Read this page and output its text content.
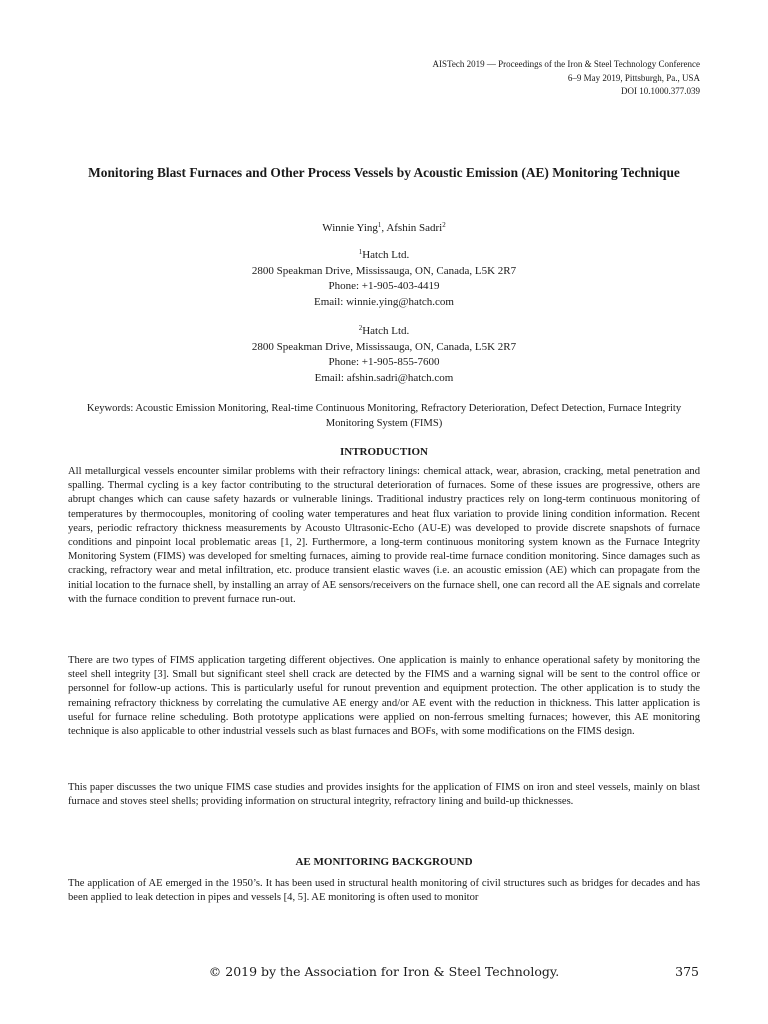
AISTech 2019 — Proceedings of the Iron & Steel Technology Conference
6–9 May 2019, Pittsburgh, Pa., USA
DOI 10.1000.377.039
Monitoring Blast Furnaces and Other Process Vessels by Acoustic Emission (AE) Monitoring Technique
Winnie Ying$^1$, Afshin Sadri$^2$
$^1$Hatch Ltd.
2800 Speakman Drive, Mississauga, ON, Canada, L5K 2R7
Phone: +1-905-403-4419
Email: winnie.ying@hatch.com
$^2$Hatch Ltd.
2800 Speakman Drive, Mississauga, ON, Canada, L5K 2R7
Phone: +1-905-855-7600
Email: afshin.sadri@hatch.com
Keywords: Acoustic Emission Monitoring, Real-time Continuous Monitoring, Refractory Deterioration, Defect Detection, Furnace Integrity Monitoring System (FIMS)
INTRODUCTION

All metallurgical vessels encounter similar problems with their refractory linings: chemical attack, wear, abrasion, cracking, metal penetration and spalling. Thermal cycling is a key factor contributing to the structural deterioration of furnaces. Some of these issues are progressive, others are abrupt changes which can cause safety hazards or vulnerable linings. Traditional industry practices rely on long-term continuous monitoring of temperatures by thermocouples, monitoring of cooling water temperatures and heat flux variation to provide lining condition information. Recent years, periodic refractory thickness measurements by Acousto Ultrasonic-Echo (AU-E) was developed to provide discrete snapshots of furnace conditions and pinpoint local problematic areas [1, 2]. Furthermore, a long-term continuous monitoring system known as the Furnace Integrity Monitoring System (FIMS) was developed for smelting furnaces, aiming to provide real-time furnace condition monitoring. Since damages such as cracking, refractory wear and metal infiltration, etc. produce transient elastic waves (i.e. an acoustic emission (AE) which can propagate from the initial location to the furnace shell, by installing an array of AE sensors/receivers on the furnace shell, one can record all the AE signals and correlate with the furnace condition to prevent furnace run-out.

There are two types of FIMS application targeting different objectives. One application is mainly to enhance operational safety by monitoring the steel shell integrity [3]. Small but significant steel shell crack are detected by the FIMS and a warning signal will be sent to the control office or personnel for follow-up actions. This is particularly useful for runout prevention and equipment protection. The other application is to study the remaining refractory thickness by correlating the cumulative AE energy and/or AE event with the reduction in thickness. This latter application is useful for furnace reline scheduling. Both prototype applications were applied on non-ferrous smelting furnaces; however, this AE monitoring technique is also applicable to other industrial vessels such as blast furnaces and BOFs, with some modifications on the FIMS design.

This paper discusses the two unique FIMS case studies and provides insights for the application of FIMS on iron and steel vessels, mainly on blast furnace and stoves steel shells; providing information on structural integrity, refractory lining and build-up thicknesses.

AE MONITORING BACKGROUND

The application of AE emerged in the 1950’s. It has been used in structural health monitoring of civil structures such as bridges for decades and has been applied to leak detection in pipes and vessels [4, 5]. AE monitoring is often used to monitor

© 2019 by the Association for Iron & Steel Technology.	375
